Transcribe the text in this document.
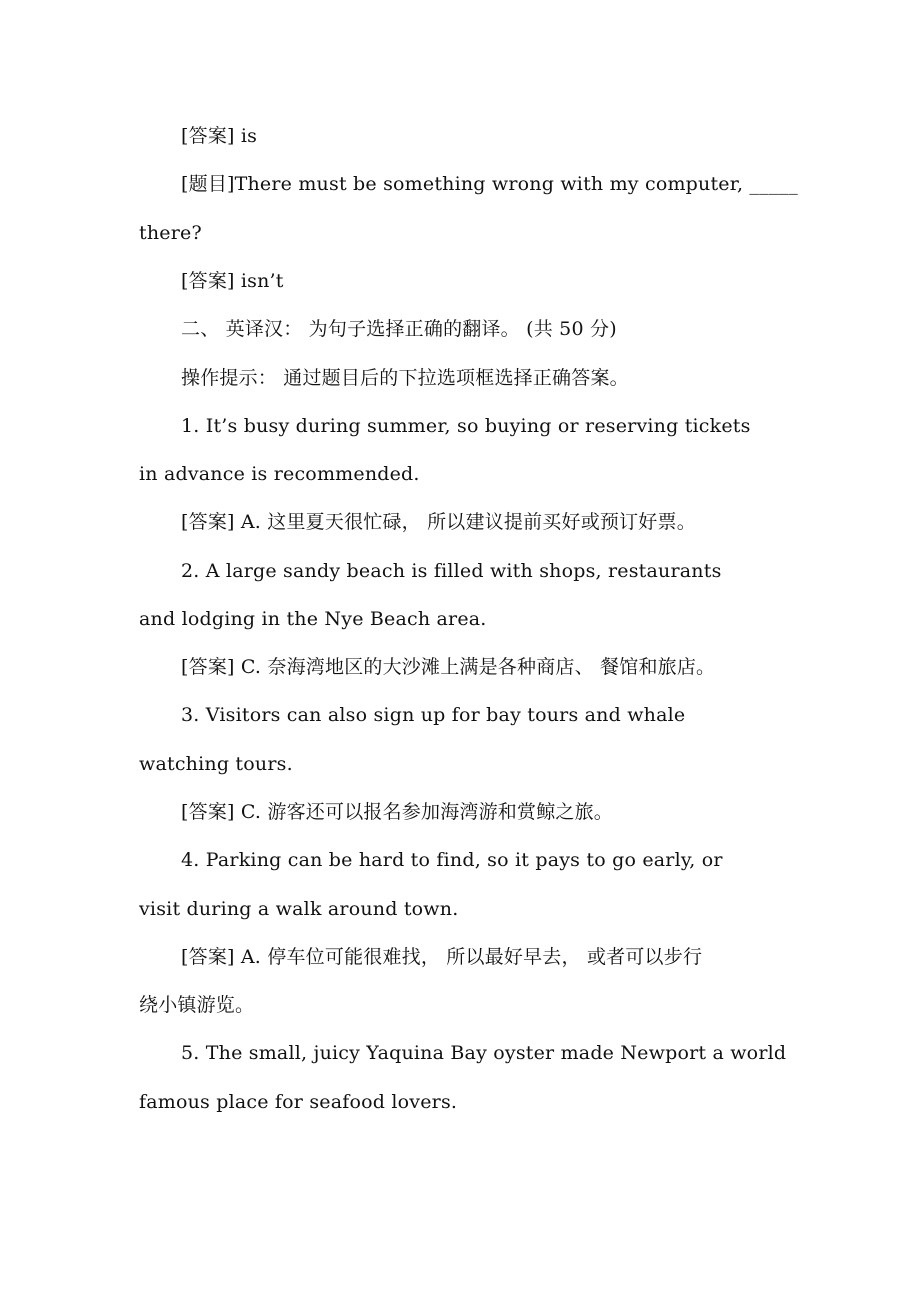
[答案] is
[题目]There must be something wrong with my computer, _____
there?
[答案] isn’t
二、 英译汉： 为句子选择正确的翻译。 (共 50 分)
操作提示： 通过题目后的下拉选项框选择正确答案。
1. It’s busy during summer, so buying or reserving tickets
in advance is recommended.
[答案] A. 这里夏天很忙碌， 所以建议提前买好或预订好票。
2. A large sandy beach is filled with shops, restaurants
and lodging in the Nye Beach area.
[答案] C. 奈海湾地区的大沙滩上满是各种商店、 餐馆和旅店。
3. Visitors can also sign up for bay tours and whale
watching tours.
[答案] C. 游客还可以报名参加海湾游和赏鲸之旅。
4. Parking can be hard to find, so it pays to go early, or
visit during a walk around town.
[答案] A. 停车位可能很难找， 所以最好早去， 或者可以步行
绕小镇游览。
5. The small, juicy Yaquina Bay oyster made Newport a world
famous place for seafood lovers.
